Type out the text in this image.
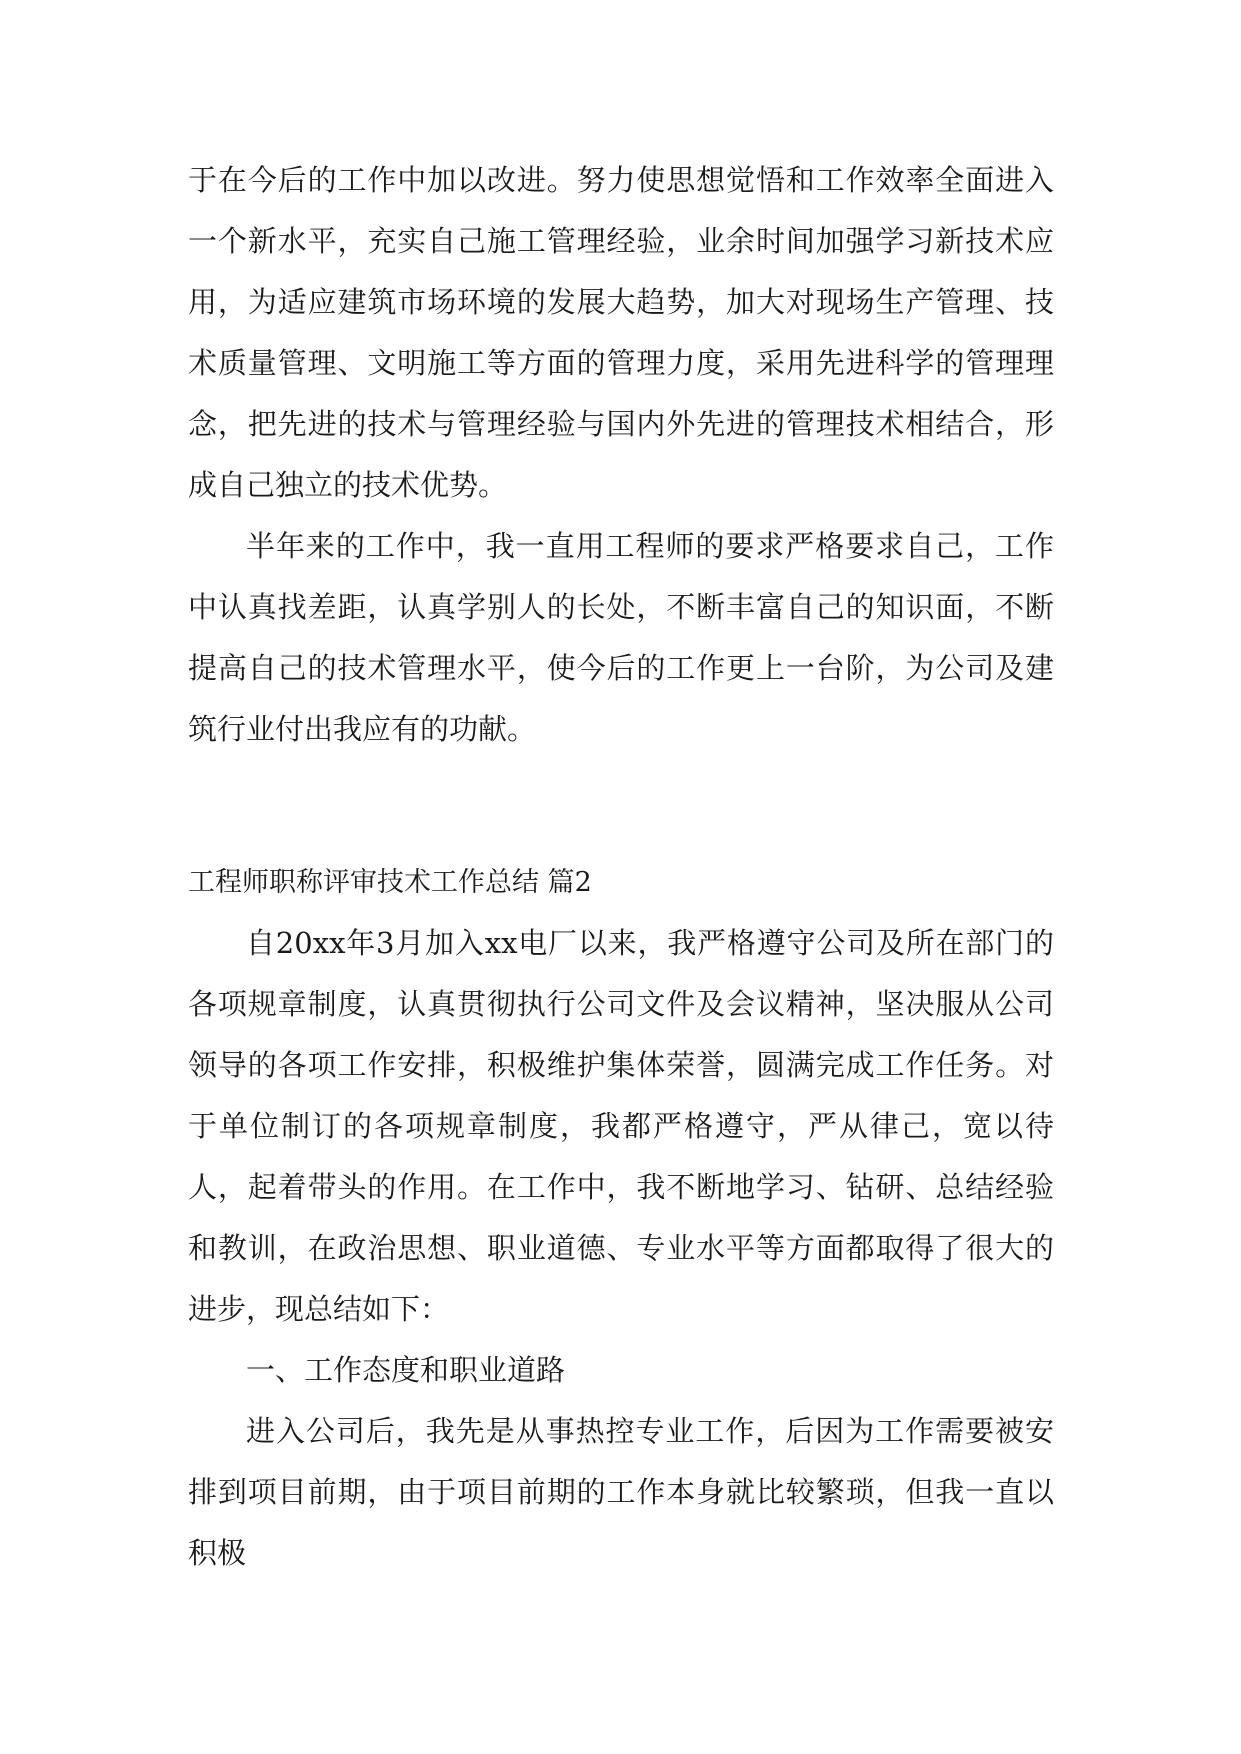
于在今后的工作中加以改进。努力使思想觉悟和工作效率全面进入一个新水平，充实自己施工管理经验，业余时间加强学习新技术应用，为适应建筑市场环境的发展大趋势，加大对现场生产管理、技术质量管理、文明施工等方面的管理力度，采用先进科学的管理理念，把先进的技术与管理经验与国内外先进的管理技术相结合，形成自己独立的技术优势。

半年来的工作中，我一直用工程师的要求严格要求自己，工作中认真找差距，认真学别人的长处，不断丰富自己的知识面，不断提高自己的技术管理水平，使今后的工作更上一台阶，为公司及建筑行业付出我应有的功献。

工程师职称评审技术工作总结 篇2

自20xx年3月加入xx电厂以来，我严格遵守公司及所在部门的各项规章制度，认真贯彻执行公司文件及会议精神，坚决服从公司领导的各项工作安排，积极维护集体荣誉，圆满完成工作任务。对于单位制订的各项规章制度，我都严格遵守，严从律己，宽以待人，起着带头的作用。在工作中，我不断地学习、钻研、总结经验和教训，在政治思想、职业道德、专业水平等方面都取得了很大的进步，现总结如下：

一、工作态度和职业道路

进入公司后，我先是从事热控专业工作，后因为工作需要被安排到项目前期，由于项目前期的工作本身就比较繁琐，但我一直以积极
